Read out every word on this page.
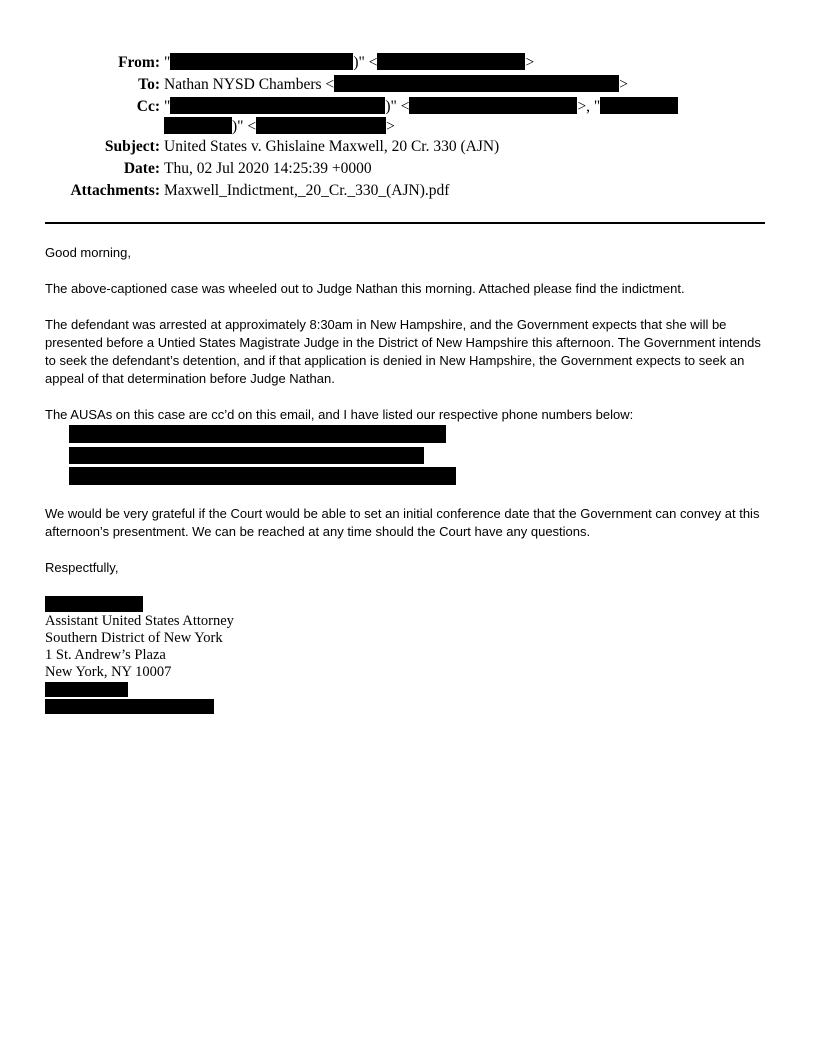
From: "	)" <	>
To: Nathan NYSD Chambers <	>
Cc: "	)" <	>, "
)" <	>
Subject: United States v. Ghislaine Maxwell, 20 Cr. 330 (AJN)
Date: Thu, 02 Jul 2020 14:25:39 +0000
Attachments: Maxwell_Indictment,_20_Cr._330_(AJN).pdf

Good morning,

The above-captioned case was wheeled out to Judge Nathan this morning. Attached please find the indictment.

The defendant was arrested at approximately 8:30am in New Hampshire, and the Government expects that she will be presented before a Untied States Magistrate Judge in the District of New Hampshire this afternoon. The Government intends to seek the defendant’s detention, and if that application is denied in New Hampshire, the Government expects to seek an appeal of that determination before Judge Nathan.

The AUSAs on this case are cc’d on this email, and I have listed our respective phone numbers below:

We would be very grateful if the Court would be able to set an initial conference date that the Government can convey at this afternoon’s presentment. We can be reached at any time should the Court have any questions.

Respectfully,

Assistant United States Attorney
Southern District of New York
1 St. Andrew’s Plaza
New York, NY 10007
